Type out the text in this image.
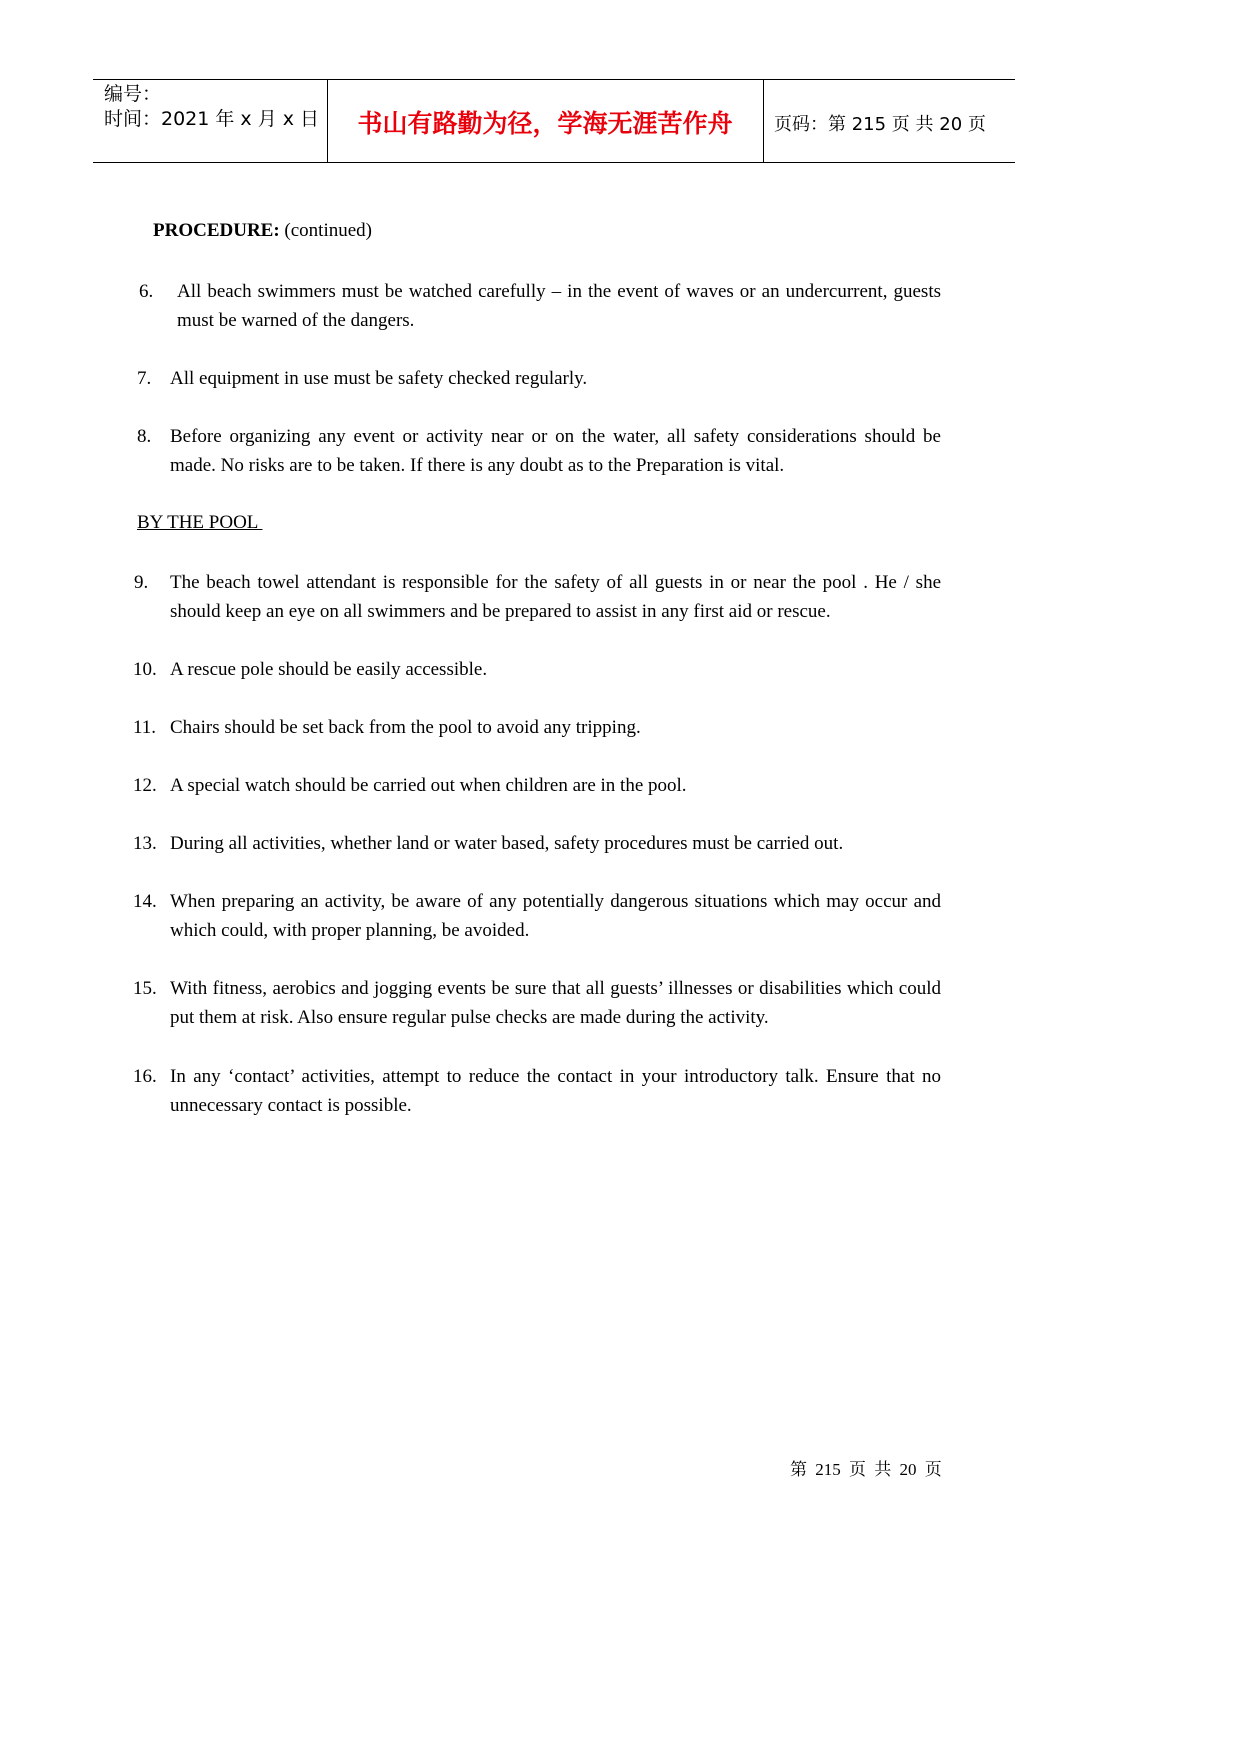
编号：
时间：2021 年 x 月 x 日	书山有路勤为径，学海无涯苦作舟	页码：第 215 页 共 20 页
PROCEDURE: (continued)
6. All beach swimmers must be watched carefully – in the event of waves or an undercurrent, guests must be warned of the dangers.
7. All equipment in use must be safety checked regularly.
8. Before organizing any event or activity near or on the water, all safety considerations should be made. No risks are to be taken. If there is any doubt as to the Preparation is vital.
BY THE POOL
9. The beach towel attendant is responsible for the safety of all guests in or near the pool . He / she should keep an eye on all swimmers and be prepared to assist in any first aid or rescue.
10. A rescue pole should be easily accessible.
11. Chairs should be set back from the pool to avoid any tripping.
12. A special watch should be carried out when children are in the pool.
13. During all activities, whether land or water based, safety procedures must be carried out.
14. When preparing an activity, be aware of any potentially dangerous situations which may occur and which could, with proper planning, be avoided.
15. With fitness, aerobics and jogging events be sure that all guests’ illnesses or disabilities which could put them at risk. Also ensure regular pulse checks are made during the activity.
16. In any ‘contact’ activities, attempt to reduce the contact in your introductory talk. Ensure that no unnecessary contact is possible.
第 215 页 共 20 页
